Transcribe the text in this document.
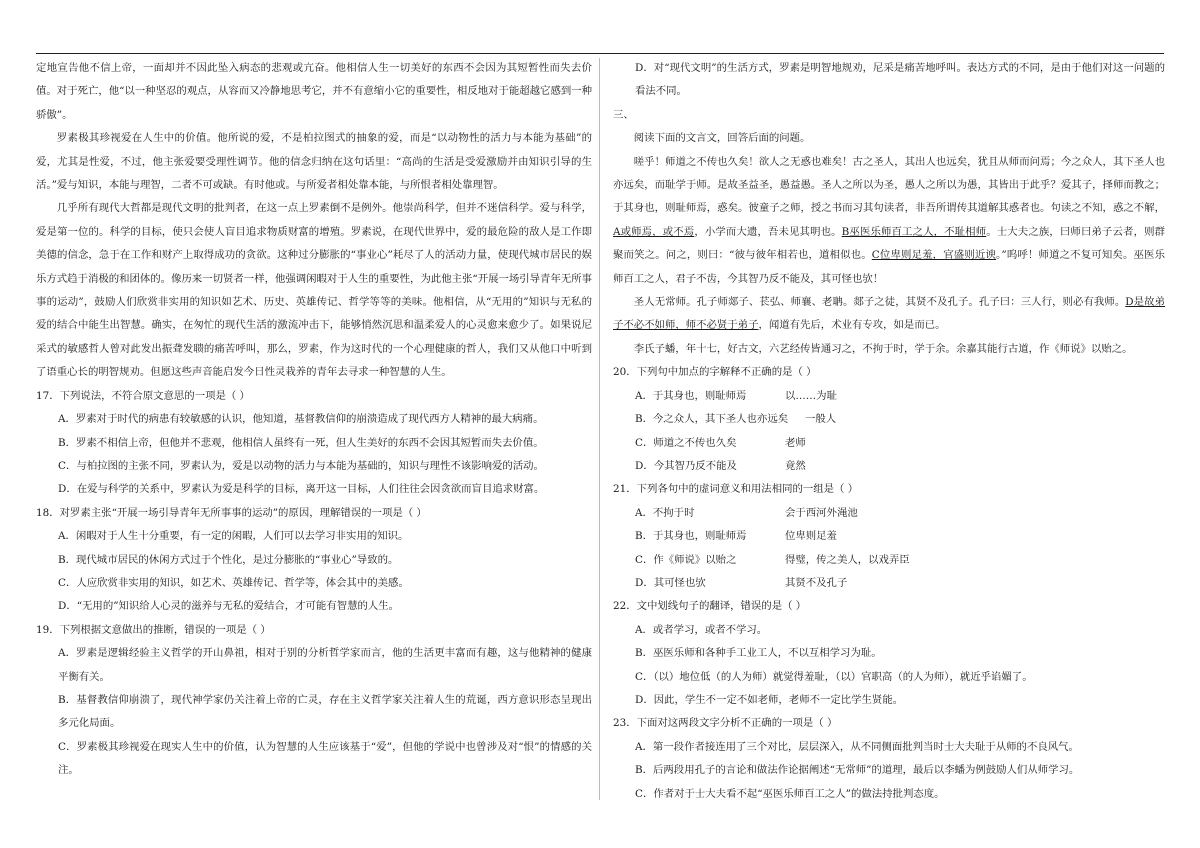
定地宣告他不信上帝，一面却并不因此坠入病态的悲观或亢奋。他相信人生一切美好的东西不会因为其短暂性而失去价值。对于死亡，他“以一种坚忍的观点，从容而又冷静地思考它，并不有意缩小它的重要性，相反地对于能超越它感到一种骄傲”。

罗素极其珍视爱在人生中的价值。他所说的爱，不是柏拉图式的抽象的爱，而是“以动物性的活力与本能为基础”的爱，尤其是性爱，不过，他主张爱要受理性调节。他的信念归纳在这句话里：“高尚的生活是受爱激励并由知识引导的生活。”爱与知识，本能与理智，二者不可或缺。有时他或。与所爱者相处靠本能，与所恨者相处靠理智。

几乎所有现代大哲都是现代文明的批判者，在这一点上罗素倒不是例外。他崇尚科学，但并不迷信科学。爱与科学，爱是第一位的。科学的目标，使只会使人盲目追求物质财富的增殖。罗素说，在现代世界中，爱的最危险的敌人是工作即美德的信念，急于在工作和财产上取得成功的贪欲。这种过分膨胀的“事业心”耗尽了人的活动力量，使现代城市居民的娱乐方式趋于消极的和团体的。像历来一切贤者一样，他强调闲暇对于人生的重要性，为此他主张“开展一场引导青年无所事事的运动”，鼓励人们欣赏非实用的知识如艺术、历史、英雄传记、哲学等等的美味。他相信，从“无用的”知识与无私的爱的结合中能生出智慧。确实，在匆忙的现代生活的激流冲击下，能够悄然沉思和温柔爱人的心灵愈来愈少了。如果说尼采式的敏感哲人曾对此发出振聋发聩的痛苦呼叫，那么，罗素，作为这时代的一个心理健康的哲人，我们又从他口中听到了语重心长的明智规劝。但愿这些声音能启发今日性灵栽养的青年去寻求一种智慧的人生。

17．下列说法，不符合原文意思的一项是（ ）

A．罗素对于时代的病患有较敏感的认识，他知道，基督教信仰的崩溃造成了现代西方人精神的最大病痛。

B．罗素不相信上帝，但他并不悲观，他相信人虽终有一死，但人生美好的东西不会因其短暂而失去价值。

C．与柏拉图的主张不同，罗素认为，爱是以动物的活力与本能为基础的，知识与理性不该影响爱的活动。

D．在爱与科学的关系中，罗素认为爱是科学的目标，离开这一目标，人们往往会因贪欲而盲目追求财富。

18．对罗素主张“开展一场引导青年无所事事的运动”的原因，理解错误的一项是（ ）

A．闲暇对于人生十分重要，有一定的闲暇，人们可以去学习非实用的知识。

B．现代城市居民的休闲方式过于个性化，是过分膨胀的“事业心”导致的。

C．人应欣赏非实用的知识，如艺术、英雄传记、哲学等，体会其中的美感。

D．“无用的”知识给人心灵的滋养与无私的爱结合，才可能有智慧的人生。

19．下列根据文意做出的推断，错误的一项是（ ）

A．罗素是逻辑经验主义哲学的开山鼻祖，相对于别的分析哲学家而言，他的生活更丰富而有趣，这与他精神的健康平衡有关。

B．基督教信仰崩溃了，现代神学家仍关注着上帝的亡灵，存在主义哲学家关注着人生的荒诞，西方意识形态呈现出多元化局面。

C．罗素极其珍视爱在现实人生中的价值，认为智慧的人生应该基于“爱”，但他的学说中也曾涉及对“恨”的情感的关注。

D．对“现代文明”的生活方式，罗素是明智地规劝，尼采是痛苦地呼叫。表达方式的不同，是由于他们对这一问题的看法不同。

三、

阅读下面的文言文，回答后面的问题。

嗟乎！师道之不传也久矣！欲人之无惑也难矣！古之圣人，其出人也远矣，犹且从师而问焉；今之众人，其下圣人也亦远矣，而耻学于师。是故圣益圣，愚益愚。圣人之所以为圣，愚人之所以为愚，其皆出于此乎？爱其子，择师而教之；于其身也，则耻师焉，惑矣。彼童子之师，授之书而习其句读者，非吾所谓传其道解其惑者也。句读之不知，惑之不解，A或师焉，或不焉，小学而大遗，吾未见其明也。B巫医乐师百工之人，不耻相师。士大夫之族，曰师曰弟子云者，则群聚而笑之。问之，则曰：“彼与彼年相若也，道相似也。C位卑则足羞，官盛则近谀。”呜呼！师道之不复可知矣。巫医乐师百工之人，君子不齿，今其智乃反不能及，其可怪也欤！

圣人无常师。孔子师郯子、苌弘、师襄、老聃。郯子之徒，其贤不及孔子。孔子曰：三人行，则必有我师。D是故弟子不必不如师，师不必贤于弟子，闻道有先后，术业有专攻，如是而已。

李氏子蟠，年十七，好古文，六艺经传皆通习之，不拘于时，学于余。余嘉其能行古道，作《师说》以贻之。

20．下列句中加点的字解释不正确的是（ ）

A．于其身也，则耻师焉	以……为耻
B．今之众人，其下圣人也亦远矣	一般人
C．师道之不传也久矣	老师
D．今其智乃反不能及	竟然

21．下列各句中的虚词意义和用法相同的一组是（ ）

A．不拘于时	会于西河外渑池
B．于其身也，则耻师焉	位卑则足羞
C．作《师说》以贻之	得璧，传之美人，以戏弄臣
D．其可怪也欤	其贤不及孔子

22．文中划线句子的翻译，错误的是（ ）

A．或者学习，或者不学习。

B．巫医乐师和各种手工业工人，不以互相学习为耻。

C．（以）地位低（的人为师）就觉得羞耻，（以）官职高（的人为师），就近乎谄媚了。

D．因此，学生不一定不如老师，老师不一定比学生贤能。

23．下面对这两段文字分析不正确的一项是（ ）

A．第一段作者接连用了三个对比，层层深入，从不同侧面批判当时士大夫耻于从师的不良风气。

B．后两段用孔子的言论和做法作论据阐述“无常师”的道理，最后以李蟠为例鼓励人们从师学习。

C．作者对于士大夫看不起“巫医乐师百工之人”的做法持批判态度。
